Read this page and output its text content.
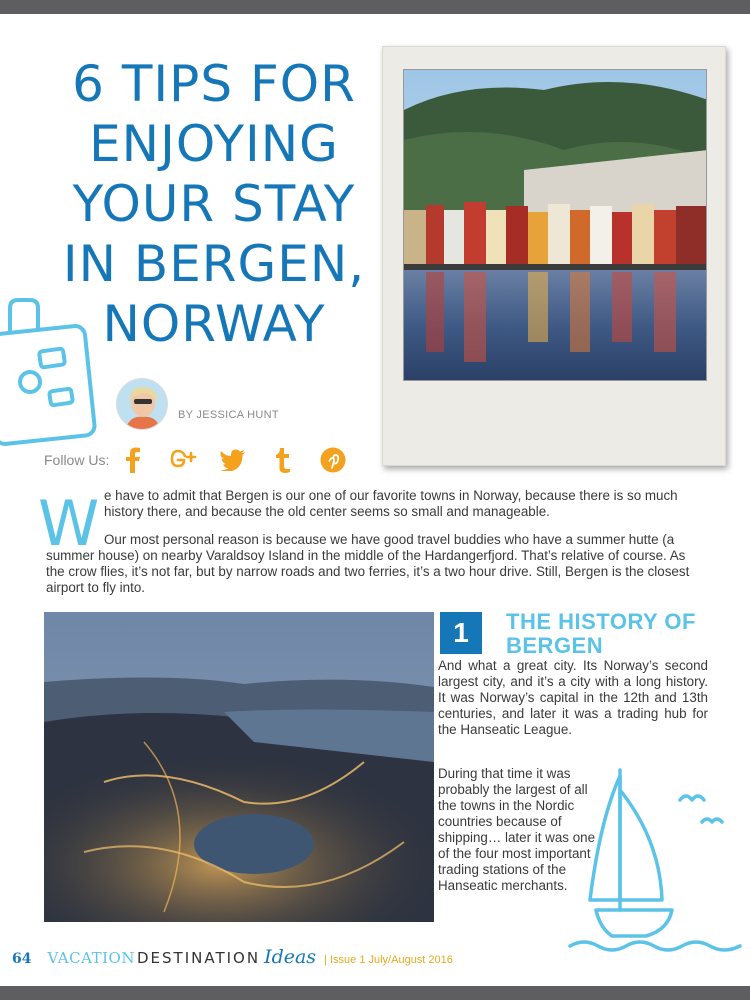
6 TIPS FOR
ENJOYING
YOUR STAY
IN BERGEN,
NORWAY
BY JESSICA HUNT
Follow Us:
W e have to admit that Bergen is our one of our favorite towns in Norway, because there is so much history there, and because the old center seems so small and manageable.

Our most personal reason is because we have good travel buddies who have a summer hutte (a summer house) on nearby Varaldsoy Island in the middle of the Hardangerfjord. That’s relative of course. As the crow flies, it’s not far, but by narrow roads and two ferries, it’s a two hour drive. Still, Bergen is the closest airport to fly into.

1	THE HISTORY OF BERGEN

And what a great city. Its Norway’s second largest city, and it’s a city with a long history. It was Norway’s capital in the 12th and 13th centuries, and later it was a trading hub for the Hanseatic League.

During that time it was probably the largest of all the towns in the Nordic countries because of shipping… later it was one of the four most important trading stations of the Hanseatic merchants.

64 VACATION DESTINATION Ideas | Issue 1 July/August 2016
